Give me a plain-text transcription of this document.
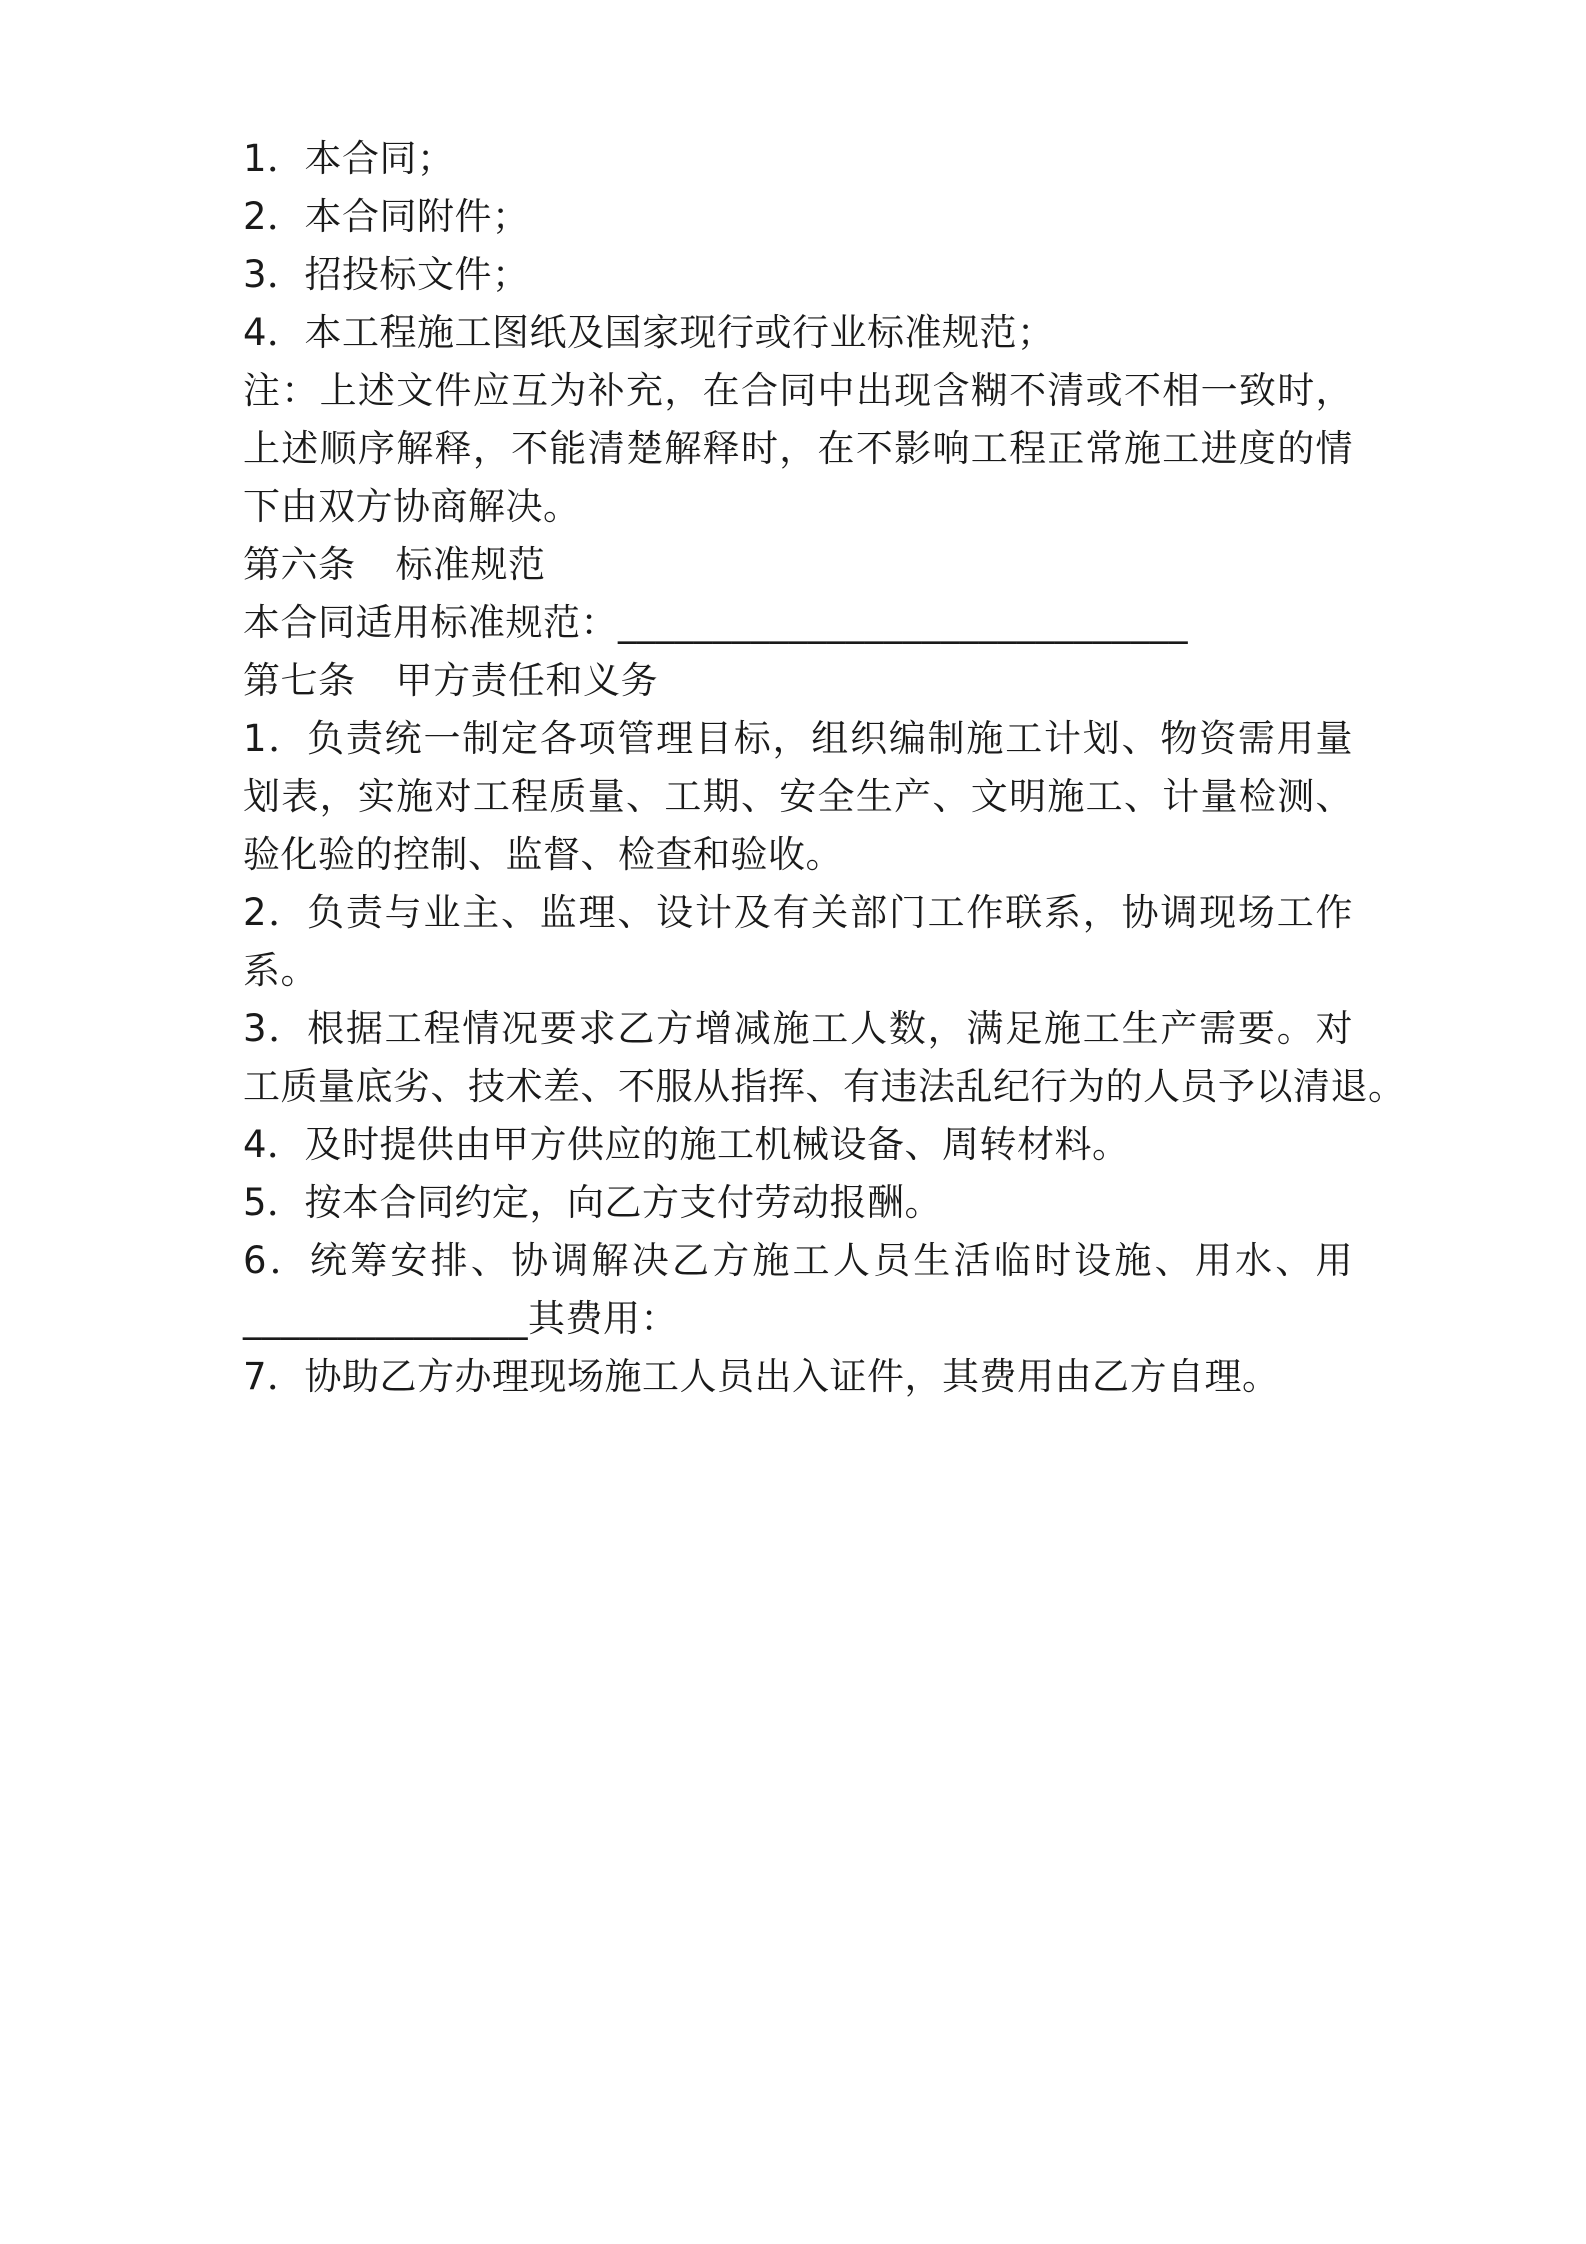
1．本合同；
2．本合同附件；
3．招投标文件；
4．本工程施工图纸及国家现行或行业标准规范；
注：上述文件应互为补充，在合同中出现含糊不清或不相一致时，
上述顺序解释，不能清楚解释时，在不影响工程正常施工进度的情
下由双方协商解决。
第六条 标准规范
本合同适用标准规范：______________________________
第七条 甲方责任和义务
1．负责统一制定各项管理目标，组织编制施工计划、物资需用量
划表，实施对工程质量、工期、安全生产、文明施工、计量检测、
验化验的控制、监督、检查和验收。
2．负责与业主、监理、设计及有关部门工作联系，协调现场工作
系。
3．根据工程情况要求乙方增减施工人数，满足施工生产需要。对
工质量底劣、技术差、不服从指挥、有违法乱纪行为的人员予以清退。
4．及时提供由甲方供应的施工机械设备、周转材料。
5．按本合同约定，向乙方支付劳动报酬。
6．统筹安排、协调解决乙方施工人员生活临时设施、用水、用
_______________其费用：
7．协助乙方办理现场施工人员出入证件，其费用由乙方自理。
